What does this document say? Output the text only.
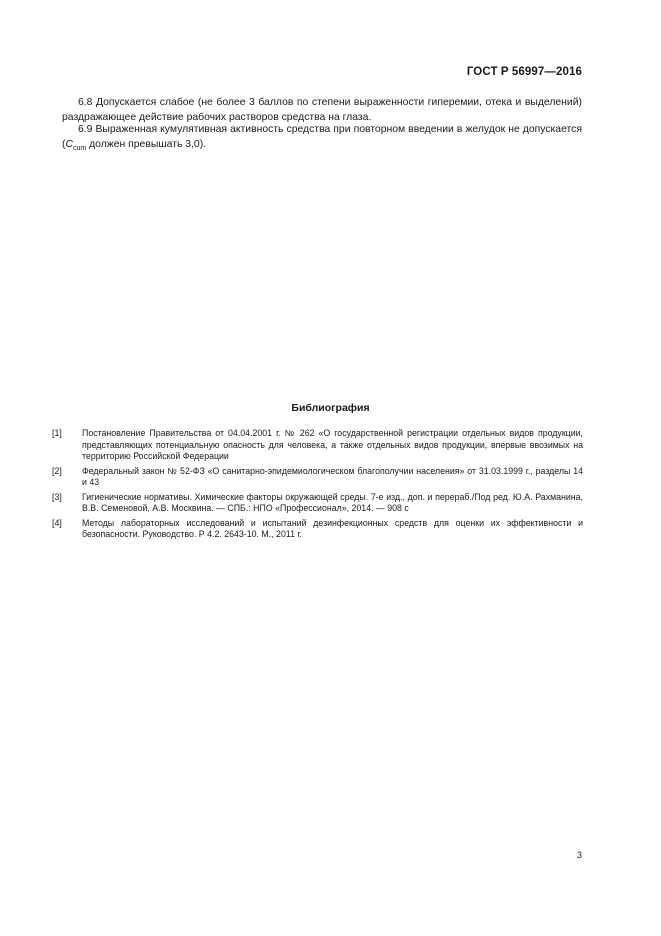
ГОСТ Р 56997—2016
6.8 Допускается слабое (не более 3 баллов по степени выраженности гиперемии, отека и выделений) раздражающее действие рабочих растворов средства на глаза.
6.9 Выраженная кумулятивная активность средства при повторном введении в желудок не допускается ($C_{cum}$ должен превышать 3,0).
Библиография
[1]	Постановление Правительства от 04.04.2001 г. № 262 «О государственной регистрации отдельных видов продукции, представляющих потенциальную опасность для человека, а также отдельных видов продукции, впервые ввозимых на территорию Российской Федерации
[2]	Федеральный закон № 52-ФЗ «О санитарно-эпидемиологическом благополучии населения» от 31.03.1999 г., разделы 14 и 43
[3]	Гигиенические нормативы. Химические факторы окружающей среды. 7-е изд., доп. и перераб./Под ред. Ю.А. Рахманина, В.В. Семеновой, А.В. Москвина. — СПБ.: НПО «Профессионал», 2014. — 908 с
[4]	Методы лабораторных исследований и испытаний дезинфекционных средств для оценки их эффективности и безопасности. Руководство. Р 4.2. 2643-10. М., 2011 г.
3
